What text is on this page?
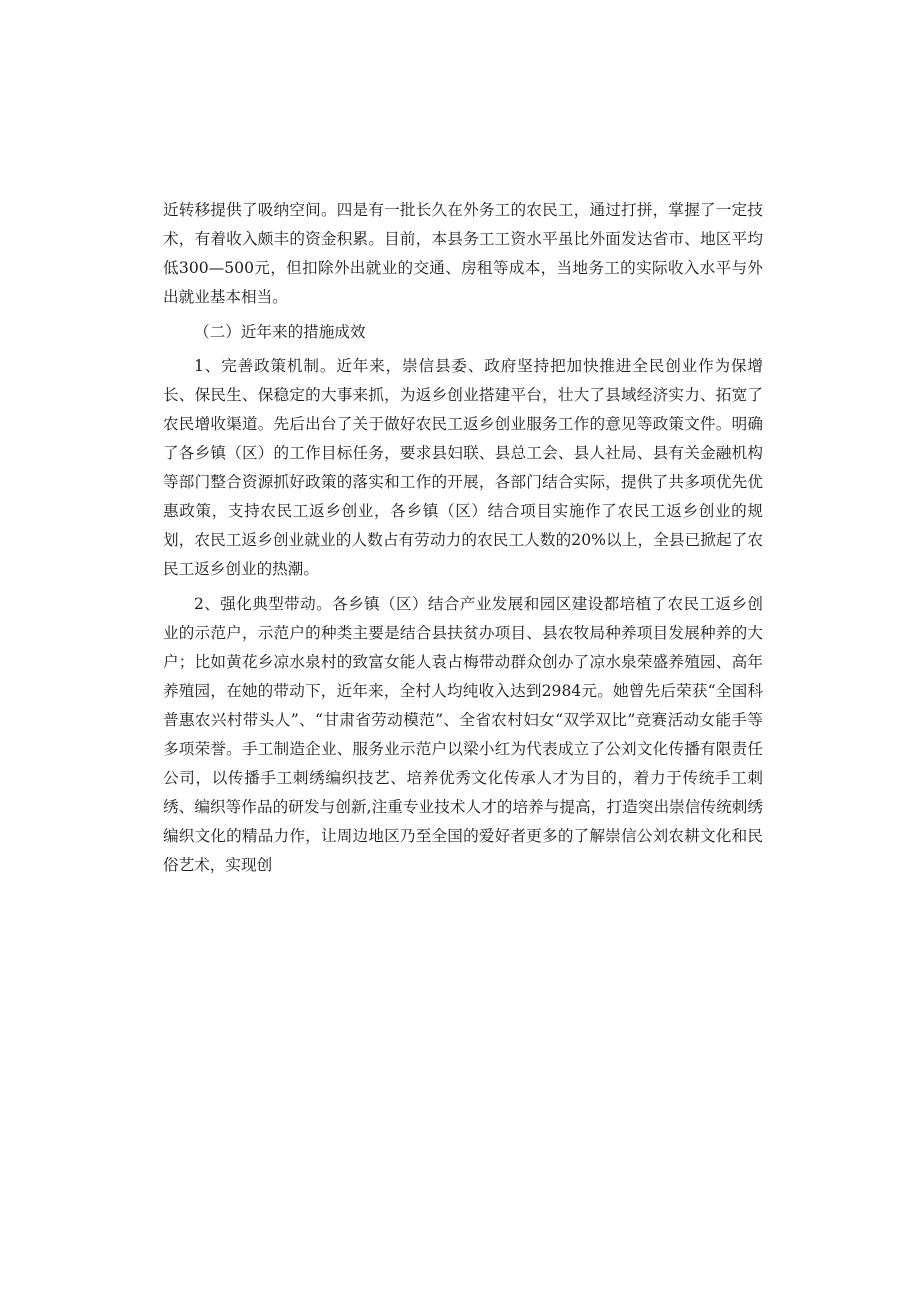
近转移提供了吸纳空间。四是有一批长久在外务工的农民工，通过打拼，掌握了一定技术，有着收入颇丰的资金积累。目前，本县务工工资水平虽比外面发达省市、地区平均低300—500元，但扣除外出就业的交通、房租等成本，当地务工的实际收入水平与外出就业基本相当。

（二）近年来的措施成效

1、完善政策机制。近年来，崇信县委、政府坚持把加快推进全民创业作为保增长、保民生、保稳定的大事来抓，为返乡创业搭建平台，壮大了县域经济实力、拓宽了农民增收渠道。先后出台了关于做好农民工返乡创业服务工作的意见等政策文件。明确了各乡镇（区）的工作目标任务，要求县妇联、县总工会、县人社局、县有关金融机构等部门整合资源抓好政策的落实和工作的开展，各部门结合实际，提供了共多项优先优惠政策，支持农民工返乡创业，各乡镇（区）结合项目实施作了农民工返乡创业的规划，农民工返乡创业就业的人数占有劳动力的农民工人数的20%以上，全县已掀起了农民工返乡创业的热潮。

2、强化典型带动。各乡镇（区）结合产业发展和园区建设都培植了农民工返乡创业的示范户，示范户的种类主要是结合县扶贫办项目、县农牧局种养项目发展种养的大户；比如黄花乡凉水泉村的致富女能人袁占梅带动群众创办了凉水泉荣盛养殖园、高年养殖园，在她的带动下，近年来，全村人均纯收入达到2984元。她曾先后荣获“全国科普惠农兴村带头人”、“甘肃省劳动模范”、全省农村妇女“双学双比”竞赛活动女能手等多项荣誉。手工制造企业、服务业示范户以梁小红为代表成立了公刘文化传播有限责任公司，以传播手工刺绣编织技艺、培养优秀文化传承人才为目的，着力于传统手工刺绣、编织等作品的研发与创新,注重专业技术人才的培养与提高，打造突出崇信传统刺绣编织文化的精品力作，让周边地区乃至全国的爱好者更多的了解崇信公刘农耕文化和民俗艺术，实现创
